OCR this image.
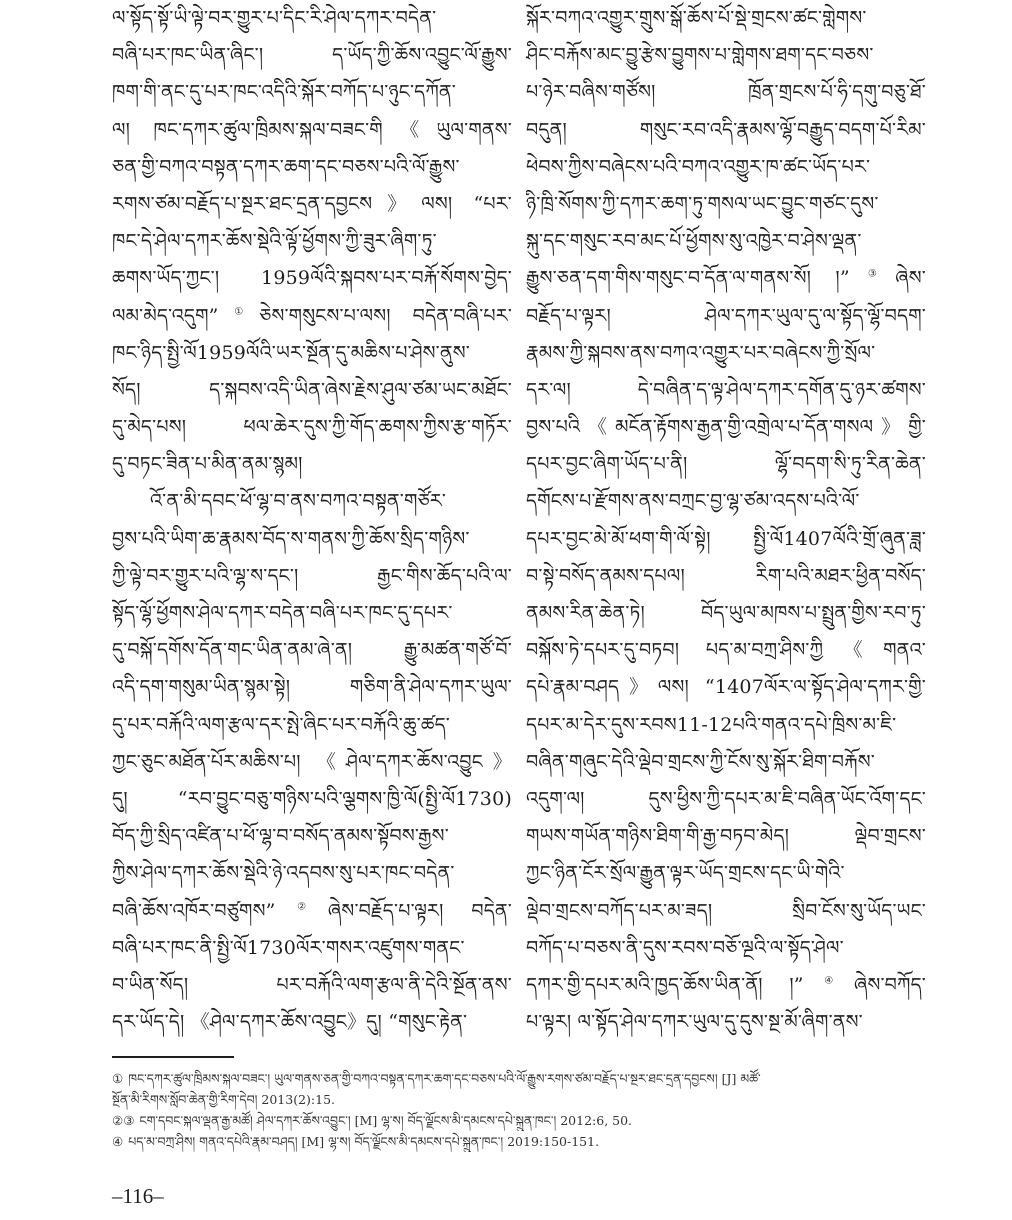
ལ་སྟོད་སྟོ་ཡི་ལྟེ་བར་གྱུར་པ་དིང་རི་ཤེལ་དཀར་བདེན་
བཞི་པར་ཁང་ཡིན་ཞིང་། ད་ཡོད་ཀྱི་ཆོས་འབྱུང་ལོ་རྒྱུས་
ཁག་གི་ནང་དུ་པར་ཁང་འདིའི་སྐོར་བཀོད་པ་ཉུང་དཀོན་
ལ། ཁང་དཀར་ཚུལ་ཁྲིམས་སྐལ་བཟང་གི《ཡུལ་གནས་
ཅན་གྱི་བཀའ་བསྟན་དཀར་ཆག་དང་བཅས་པའི་ལོ་རྒྱུས་
རགས་ཙམ་བརྗོད་པ་སྔར་ཐང་དྲན་དབྱངས》ལས། “པར་
ཁང་དེ་ཤེལ་དཀར་ཆོས་སྡེའི་ལྟོ་ཕྱོགས་ཀྱི་ཟུར་ཞིག་ཏུ་
ཆགས་ཡོད་ཀྱང་། 1959ལོའི་སྐབས་པར་བརྐོ་སོགས་བྱེད་
ལམ་མེད་འདུག”①ཅེས་གསུངས་པ་ལས། བདེན་བཞི་པར་
ཁང་ཉིད་སྤྱི་ལོ1959ལོའི་ཡར་སྔོན་དུ་མཆིས་པ་ཤེས་ནུས་
སོད། ད་སྐབས་འདི་ཡིན་ཞེས་རྗེས་ཤུལ་ཙམ་ཡང་མཐོང་
དུ་མེད་པས། ཕལ་ཆེར་དུས་ཀྱི་གོད་ཆགས་ཀྱིས་རྩ་གཏོར་
དུ་བཏང་ཟིན་པ་མིན་ནམ་སྙམ།
འོ་ན་མི་དབང་ཕོ་ལྷ་བ་ནས་བཀའ་བསྟན་གཙོར་
བྱས་པའི་ཡིག་ཆ་རྣམས་བོད་ས་གནས་ཀྱི་ཆོས་སྲིད་གཉིས་
ཀྱི་ལྟེ་བར་གྱུར་པའི་ལྷ་ས་དང་། རྒྱང་གིས་ཆོད་པའི་ལ་
སྟོད་ལྷོ་ཕྱོགས་ཤེལ་དཀར་བདེན་བཞི་པར་ཁང་དུ་དཔར་
དུ་བསྐོ་དགོས་དོན་གང་ཡིན་ནམ་ཞེ་ན། རྒྱུ་མཚན་གཙོ་བོ་
འདི་དག་གསུམ་ཡིན་སྙམ་སྟེ། གཅིག་ནི་ཤེལ་དཀར་ཡུལ་
དུ་པར་བརྐོའི་ལག་རྩལ་དར་སྤེ་ཞིང་པར་བརྐོའི་ཆུ་ཚད་
ཀྱང་ཅུང་མཐོན་པོར་མཆིས་པ། 《ཤེལ་དཀར་ཆོས་འབྱུང》
དུ། “རབ་བྱུང་བཅུ་གཉིས་པའི་ལྕགས་ཁྱི་ལོ(སྤྱི་ལོ1730)
བོད་ཀྱི་སྲིད་འཛིན་པ་ཕོ་ལྷ་བ་བསོད་ནམས་སྟོབས་རྒྱས་
ཀྱིས་ཤེལ་དཀར་ཆོས་སྡེའི་ཉེ་འདབས་སུ་པར་ཁང་བདེན་
བཞི་ཆོས་འཁོར་བཙུགས”②ཞེས་བརྗོད་པ་ལྟར། བདེན་
བཞི་པར་ཁང་ནི་སྤྱི་ལོ1730ལོར་གསར་འཛུགས་གནང་
བ་ཡིན་སོད། པར་བརྐོའི་ལག་རྩལ་ནི་དེའི་སྔོན་ནས་
དར་ཡོད་དེ། 《ཤེལ་དཀར་ཆོས་འབྱུང》དུ། “གསུང་རྟེན་
སྐོར་བཀའ་འགྱུར་གྲུས་སྒོ་ཆོས་པོ་སྡེ་གྲངས་ཚང་གླེགས་
ཤིང་བརྐོས་མང་བྱུ་རྩེས་བྱུགས་པ་གླེགས་ཐག་དང་བཅས་
པ་ཉེར་བཞིས་གཙོས། ཁྲོན་གྲངས་པོ་ཧི་དགུ་བཅུ་ཐོ་
བདུན། གསུང་རབ་འདི་རྣམས་ལྷོ་བརྒྱུད་བདག་པོ་རིམ་
ཕེབས་ཀྱིས་བཞེངས་པའི་བཀའ་འགྱུར་ཁ་ཚང་ཡོད་པར་
ཉི་ཁྲི་སོགས་ཀྱི་དཀར་ཆག་ཏུ་གསལ་ཡང་བྱུང་གཙང་དུས་
སྐུ་དང་གསུང་རབ་མང་པོ་ཕྱོགས་སུ་འཁྱེར་བ་ཤེས་ལྡན་
རྒྱུས་ཅན་དག་གིས་གསུང་བ་དོན་ལ་གནས་སོ། །”③ཞེས་
བརྗོད་པ་ལྟར། ཤེལ་དཀར་ཡུལ་དུ་ལ་སྟོད་ལྷོ་བདག་
རྣམས་ཀྱི་སྐབས་ནས་བཀའ་འགྱུར་པར་བཞེངས་ཀྱི་སྲོལ་
དར་ལ། དེ་བཞིན་ད་ལྟ་ཤེལ་དཀར་དགོན་དུ་ཉར་ཚགས་
བྱས་པའི《མངོན་རྟོགས་རྒྱན་གྱི་འགྲེལ་པ་དོན་གསལ》གྱི་
དཔར་བྱང་ཞིག་ཡོད་པ་ནི། ལྷོ་བདག་སི་ཏུ་རིན་ཆེན་
དགོངས་པ་རྫོགས་ནས་བཀྲང་བྱ་ལྷ་ཙམ་འདས་པའི་ལོ་
དཔར་བྱང་མེ་མོ་ཕག་གི་ལོ་སྟེ། སྤྱི་ལོ1407ལོའི་གྲོ་ཞུན་ཟླ་
བ་སྟེ་བསོད་ནམས་དཔལ། རིག་པའི་མཐར་ཕྱིན་བསོད་
ནམས་རིན་ཆེན་ཏེ། བོད་ཡུལ་མཁས་པ་སྤྲུན་གྱིས་རབ་ཏུ་
བསྐོས་ཏེ་དཔར་དུ་བཏབ། པད་མ་བཀྲ་ཤིས་ཀྱི《གནའ་
དཔེ་རྣམ་བཤད》ལས། “1407ལོར་ལ་སྟོད་ཤེལ་དཀར་གྱི་
དཔར་མ་དེར་དུས་རབས11-12པའི་གནའ་དཔེ་ཁྲིས་མ་ཇི་
བཞིན་གཞུང་དེའི་ལྡེབ་གྲངས་ཀྱི་ངོས་སུ་སྐོར་ཐིག་བརྐོས་
འདུག་ལ། དུས་ཕྱིས་ཀྱི་དཔར་མ་ཇི་བཞིན་ཡོང་འོག་དང་
གཡས་གཡོན་གཉིས་ཐིག་གི་རྒྱ་བཏབ་མེད། ལྡེབ་གྲངས་
ཀྱང་ཉིན་ངོར་སྲོལ་རྒྱུན་ལྟར་ཡོད་གྲངས་དང་ཡི་གེའི་
ལྡེབ་གྲངས་བཀོད་པར་མ་ཟད། སྲིབ་ངོས་སུ་ཡོད་ཡང་
བཀོད་པ་བཅས་ནི་དུས་རབས་བཅོ་ལྔའི་ལ་སྟོད་ཤེལ་
དཀར་གྱི་དཔར་མའི་ཁྱད་ཆོས་ཡིན་ནོ། །”④ཞེས་བཀོད་
པ་ལྟར། ལ་སྟོད་ཤེལ་དཀར་ཡུལ་དུ་དུས་སྔ་མོ་ཞིག་ནས་
① ཁང་དཀར་ཚུལ་ཁྲིམས་སྐལ་བཟང་། ཡུལ་གནས་ཅན་གྱི་བཀའ་བསྟན་དཀར་ཆག་དང་བཅས་པའི་ལོ་རྒྱུས་རགས་ཙམ་བརྗོད་པ་སྔར་ཐང་དྲན་དབྱངས། [J] མཚོ་
སྔོན་མི་རིགས་སློབ་ཆེན་གྱི་རིག་དེབ། 2013(2):15.
②③ ངག་དབང་སྐལ་ལྡན་རྒྱ་མཚོ། ཤེལ་དཀར་ཆོས་འབྱུང་། [M] ལྷ་ས། བོད་ལྗོངས་མི་དམངས་དཔེ་སྐྲུན་ཁང་། 2012:6, 50.
④ པད་མ་བཀྲ་ཤིས། གནའ་དཔེའི་རྣམ་བཤད། [M] ལྷ་ས། བོད་ལྗོངས་མི་དམངས་དཔེ་སྐྲུན་ཁང་། 2019:150-151.
–116–
